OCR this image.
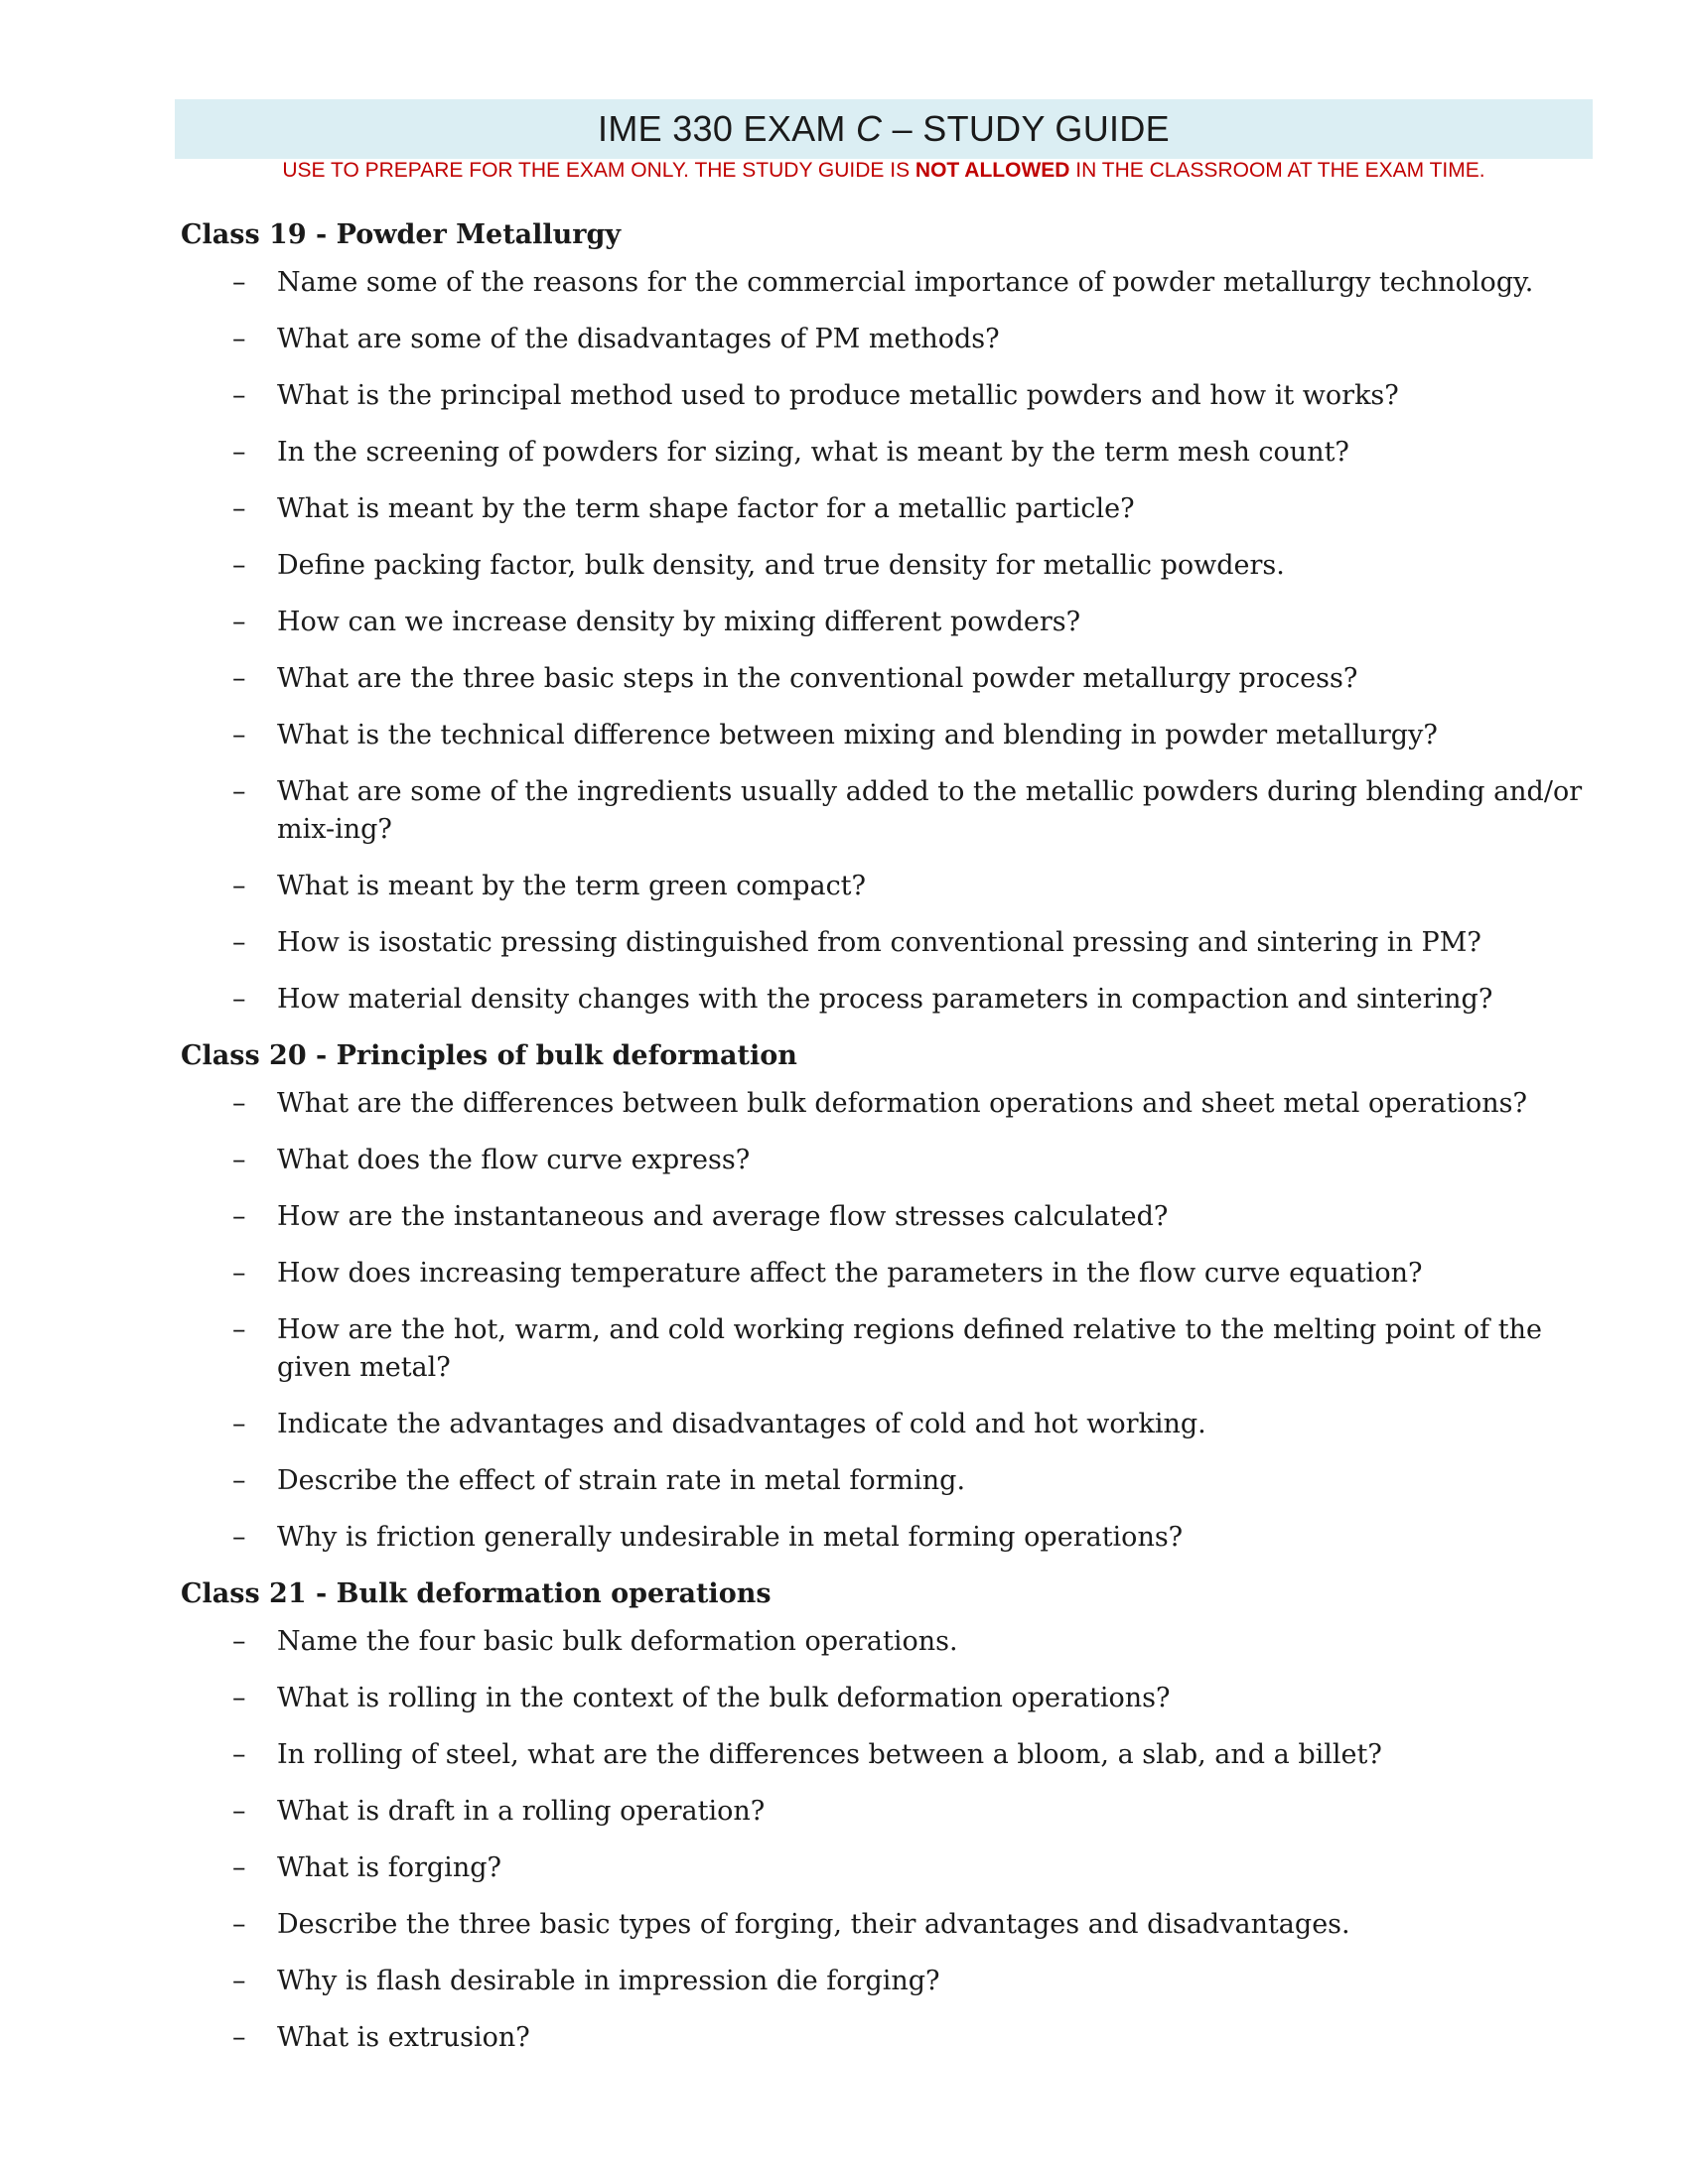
IME 330 EXAM C – STUDY GUIDE
USE TO PREPARE FOR THE EXAM ONLY. THE STUDY GUIDE IS NOT ALLOWED IN THE CLASSROOM AT THE EXAM TIME.
Class 19 - Powder Metallurgy
– Name some of the reasons for the commercial importance of powder metallurgy technology.
– What are some of the disadvantages of PM methods?
– What is the principal method used to produce metallic powders and how it works?
– In the screening of powders for sizing, what is meant by the term mesh count?
– What is meant by the term shape factor for a metallic particle?
– Define packing factor, bulk density, and true density for metallic powders.
– How can we increase density by mixing different powders?
– What are the three basic steps in the conventional powder metallurgy process?
– What is the technical difference between mixing and blending in powder metallurgy?
– What are some of the ingredients usually added to the metallic powders during blending and/or mix-ing?
– What is meant by the term green compact?
– How is isostatic pressing distinguished from conventional pressing and sintering in PM?
– How material density changes with the process parameters in compaction and sintering?
Class 20 - Principles of bulk deformation
– What are the differences between bulk deformation operations and sheet metal operations?
– What does the flow curve express?
– How are the instantaneous and average flow stresses calculated?
– How does increasing temperature affect the parameters in the flow curve equation?
– How are the hot, warm, and cold working regions defined relative to the melting point of the given metal?
– Indicate the advantages and disadvantages of cold and hot working.
– Describe the effect of strain rate in metal forming.
– Why is friction generally undesirable in metal forming operations?
Class 21 - Bulk deformation operations
– Name the four basic bulk deformation operations.
– What is rolling in the context of the bulk deformation operations?
– In rolling of steel, what are the differences between a bloom, a slab, and a billet?
– What is draft in a rolling operation?
– What is forging?
– Describe the three basic types of forging, their advantages and disadvantages.
– Why is flash desirable in impression die forging?
– What is extrusion?
